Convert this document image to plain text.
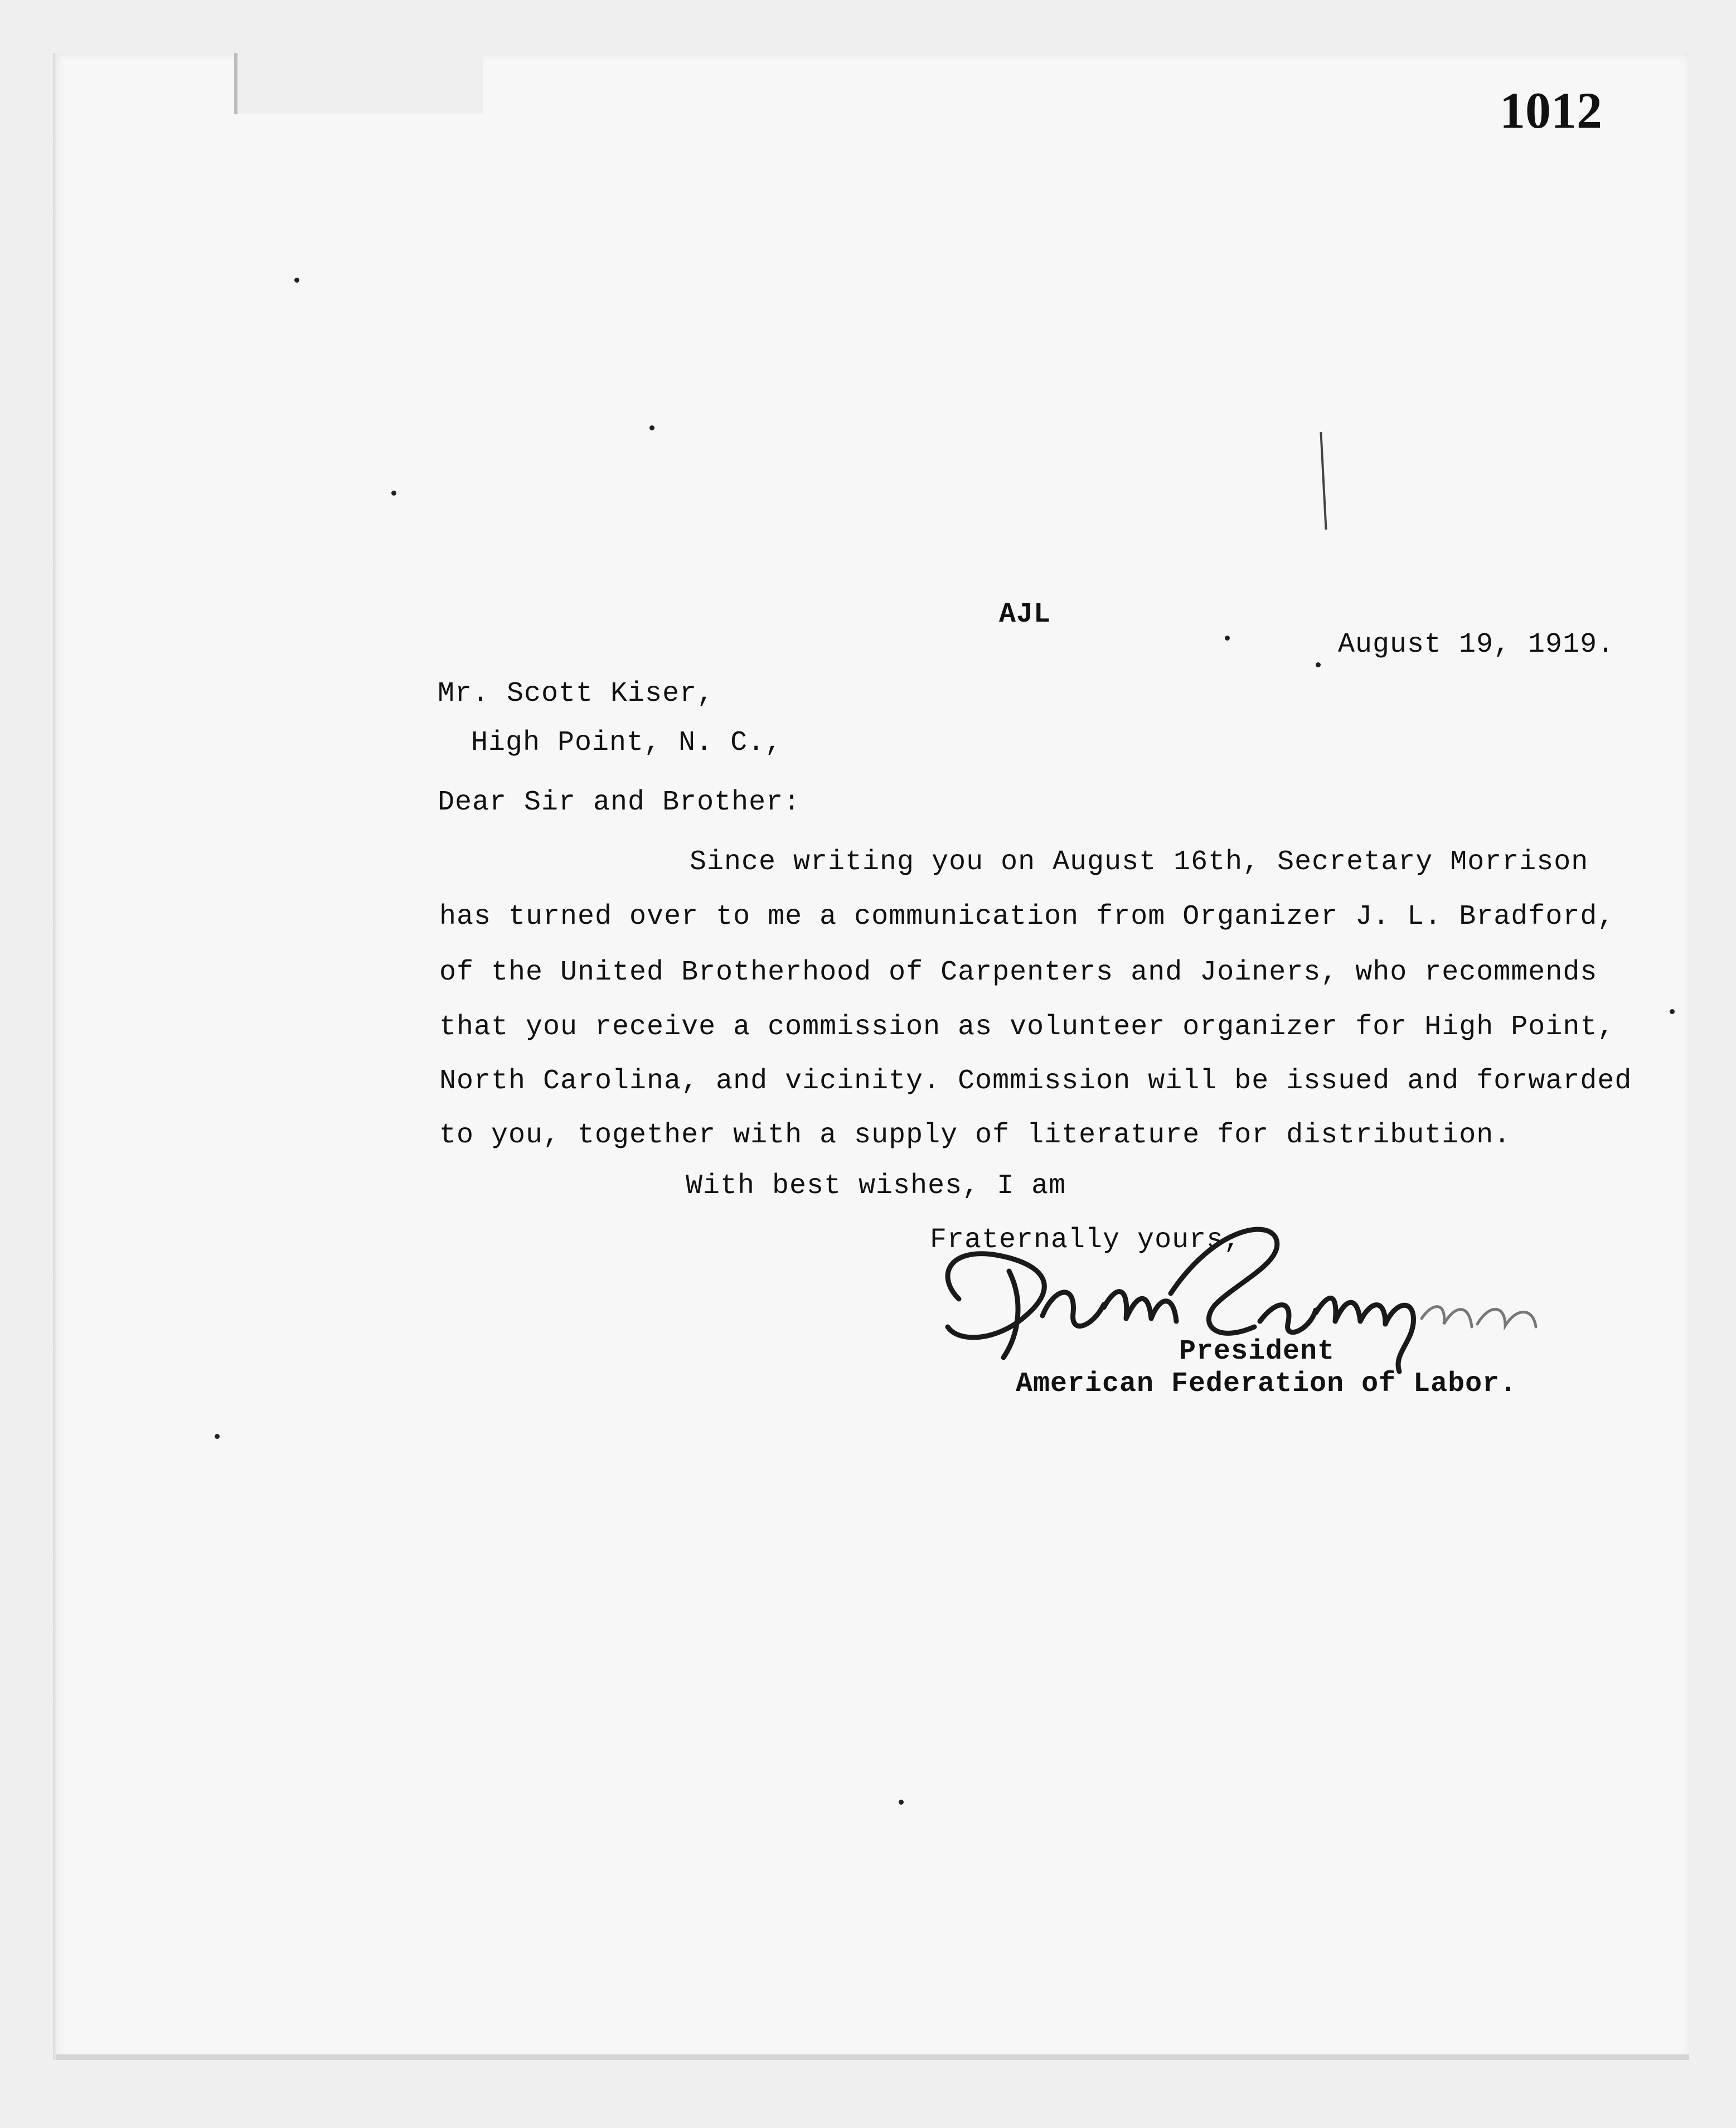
1012
AJL
August 19, 1919.
Mr. Scott Kiser,
High Point, N. C.,
Dear Sir and Brother:
Since writing you on August 16th, Secretary Morrison
has turned over to me a communication from Organizer J. L. Bradford,
of the United Brotherhood of Carpenters and Joiners, who recommends
that you receive a commission as volunteer organizer for High Point,
North Carolina, and vicinity. Commission will be issued and forwarded
to you, together with a supply of literature for distribution.
With best wishes, I am
Fraternally yours,
President
American Federation of Labor.
